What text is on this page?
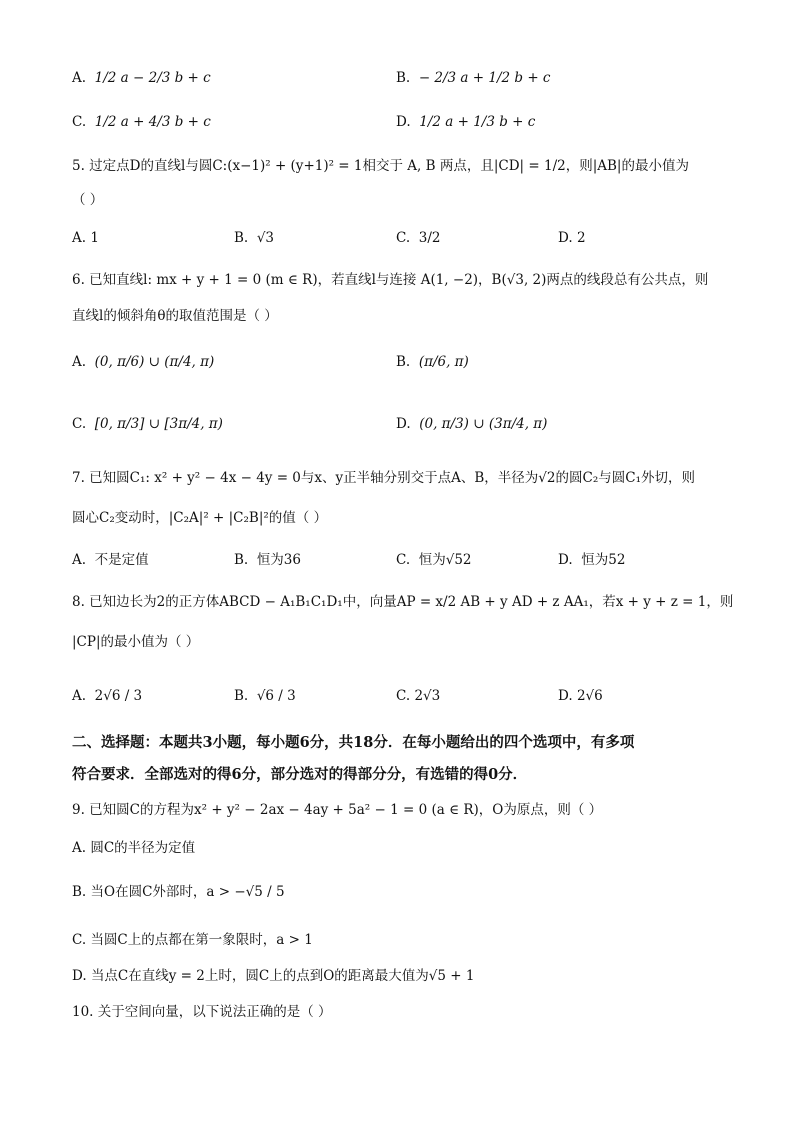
A. 1/2 a − 2/3 b + c	B. − 2/3 a + 1/2 b + c
C. 1/2 a + 4/3 b + c	D. 1/2 a + 1/3 b + c
5. 过定点D的直线l与圆C:(x−1)² + (y+1)² = 1相交于 A, B 两点，且|CD| = 1/2，则|AB|的最小值为
（ ）
A. 1	B. √3	C. 3/2	D. 2
6. 已知直线l: mx + y + 1 = 0 (m ∈ R)，若直线l与连接 A(1, −2)，B(√3, 2)两点的线段总有公共点，则
直线l的倾斜角θ的取值范围是（ ）
A. (0, π/6) ∪ (π/4, π)	B. (π/6, π)
C. [0, π/3] ∪ [3π/4, π)	D. (0, π/3) ∪ (3π/4, π)
7. 已知圆C₁: x² + y² − 4x − 4y = 0与x、y正半轴分别交于点A、B，半径为√2的圆C₂与圆C₁外切，则
圆心C₂变动时，|C₂A|² + |C₂B|²的值（ ）
A. 不是定值	B. 恒为36	C. 恒为√52	D. 恒为52
8. 已知边长为2的正方体ABCD − A₁B₁C₁D₁中，向量AP = x/2 AB + y AD + z AA₁，若x + y + z = 1，则
|CP|的最小值为（ ）
A. 2√6 / 3	B. √6 / 3	C. 2√3	D. 2√6
二、选择题：本题共3小题，每小题6分，共18分．在每小题给出的四个选项中，有多项
符合要求．全部选对的得6分，部分选对的得部分分，有选错的得0分．
9. 已知圆C的方程为x² + y² − 2ax − 4ay + 5a² − 1 = 0 (a ∈ R)，O为原点，则（ ）
A. 圆C的半径为定值
B. 当O在圆C外部时，a > −√5 / 5
C. 当圆C上的点都在第一象限时，a > 1
D. 当点C在直线y = 2上时，圆C上的点到O的距离最大值为√5 + 1
10. 关于空间向量，以下说法正确的是（ ）
